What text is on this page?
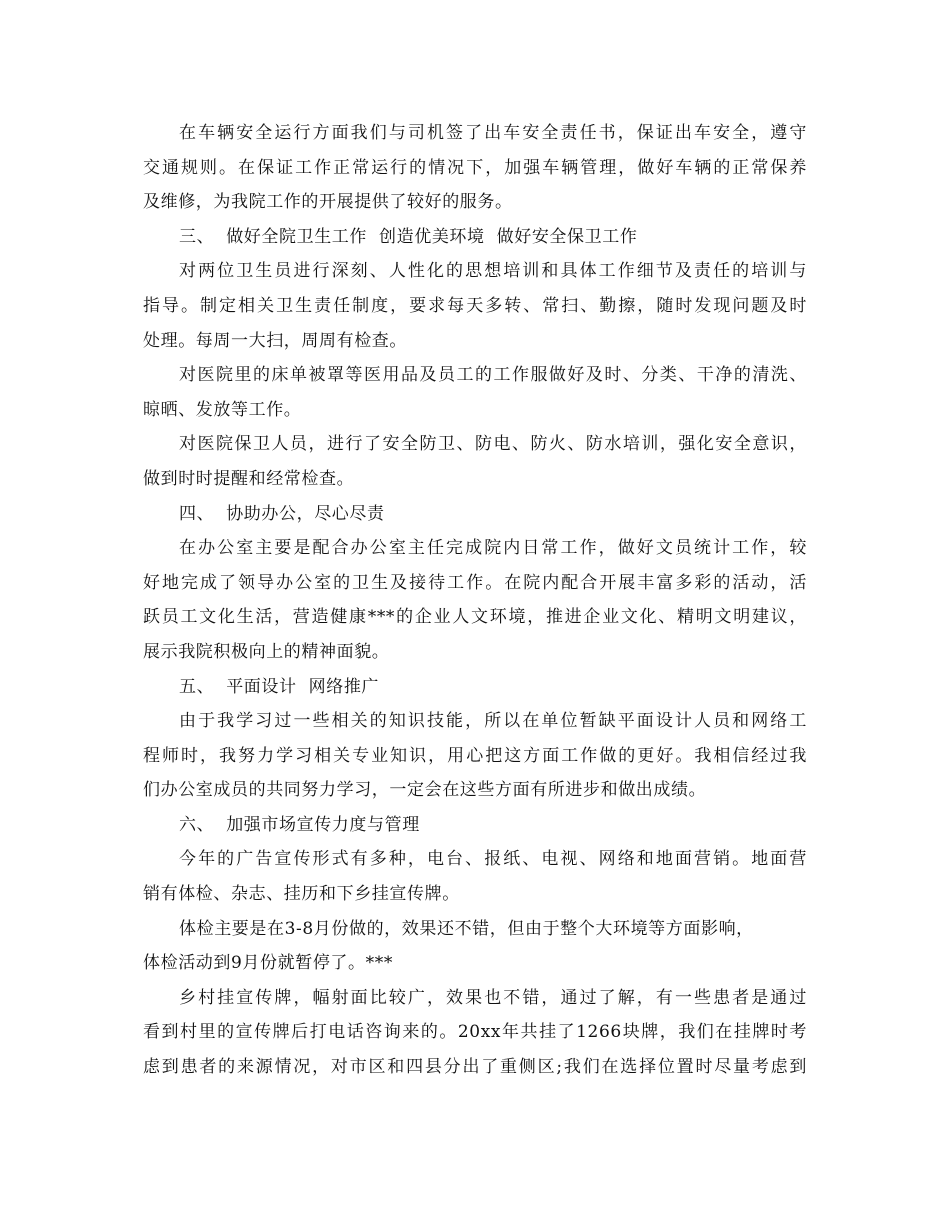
在车辆安全运行方面我们与司机签了出车安全责任书，保证出车安全，遵守
交通规则。在保证工作正常运行的情况下，加强车辆管理，做好车辆的正常保养
及维修，为我院工作的开展提供了较好的服务。
三、  做好全院卫生工作  创造优美环境  做好安全保卫工作
对两位卫生员进行深刻、人性化的思想培训和具体工作细节及责任的培训与
指导。制定相关卫生责任制度，要求每天多转、常扫、勤擦，随时发现问题及时
处理。每周一大扫，周周有检查。
对医院里的床单被罩等医用品及员工的工作服做好及时、分类、干净的清洗、
晾晒、发放等工作。
对医院保卫人员，进行了安全防卫、防电、防火、防水培训，强化安全意识，
做到时时提醒和经常检查。
四、  协助办公，尽心尽责
在办公室主要是配合办公室主任完成院内日常工作，做好文员统计工作，较
好地完成了领导办公室的卫生及接待工作。在院内配合开展丰富多彩的活动，活
跃员工文化生活，营造健康***的企业人文环境，推进企业文化、精明文明建议，
展示我院积极向上的精神面貌。
五、  平面设计  网络推广
由于我学习过一些相关的知识技能，所以在单位暂缺平面设计人员和网络工
程师时，我努力学习相关专业知识，用心把这方面工作做的更好。我相信经过我
们办公室成员的共同努力学习，一定会在这些方面有所进步和做出成绩。
六、  加强市场宣传力度与管理
今年的广告宣传形式有多种，电台、报纸、电视、网络和地面营销。地面营
销有体检、杂志、挂历和下乡挂宣传牌。
体检主要是在3-8月份做的，效果还不错，但由于整个大环境等方面影响，
体检活动到9月份就暂停了。***
乡村挂宣传牌，幅射面比较广，效果也不错，通过了解，有一些患者是通过
看到村里的宣传牌后打电话咨询来的。20xx年共挂了1266块牌，我们在挂牌时考
虑到患者的来源情况，对市区和四县分出了重侧区;我们在选择位置时尽量考虑到
